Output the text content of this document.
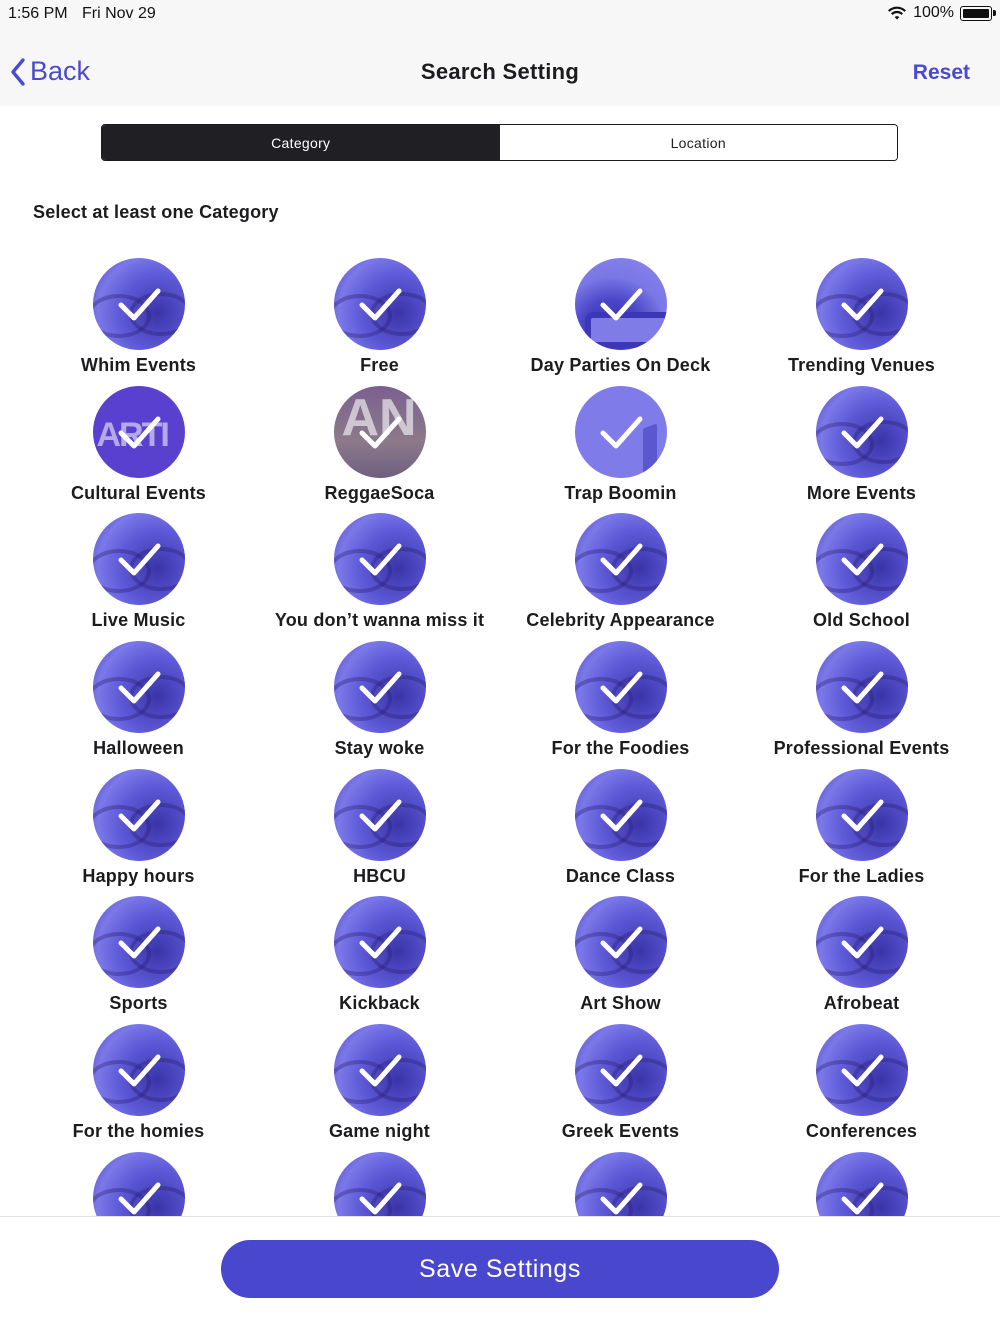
1:56 PM Fri Nov 29	100%
Back	Search Setting	Reset
Category	Location
Select at least one Category
Whim Events	Free	Day Parties On Deck	Trending Venues
ARTI
Cultural Events
AN	ReggaeSoca	Trap Boomin	More Events
Live Music	You don’t wanna miss it Celebrity Appearance	Old School
Halloween	Stay woke	For the Foodies	Professional Events
Happy hours	HBCU	Dance Class	For the Ladies
Sports	Kickback	Art Show	Afrobeat
For the homies	Game night	Greek Events	Conferences
Save Settings
